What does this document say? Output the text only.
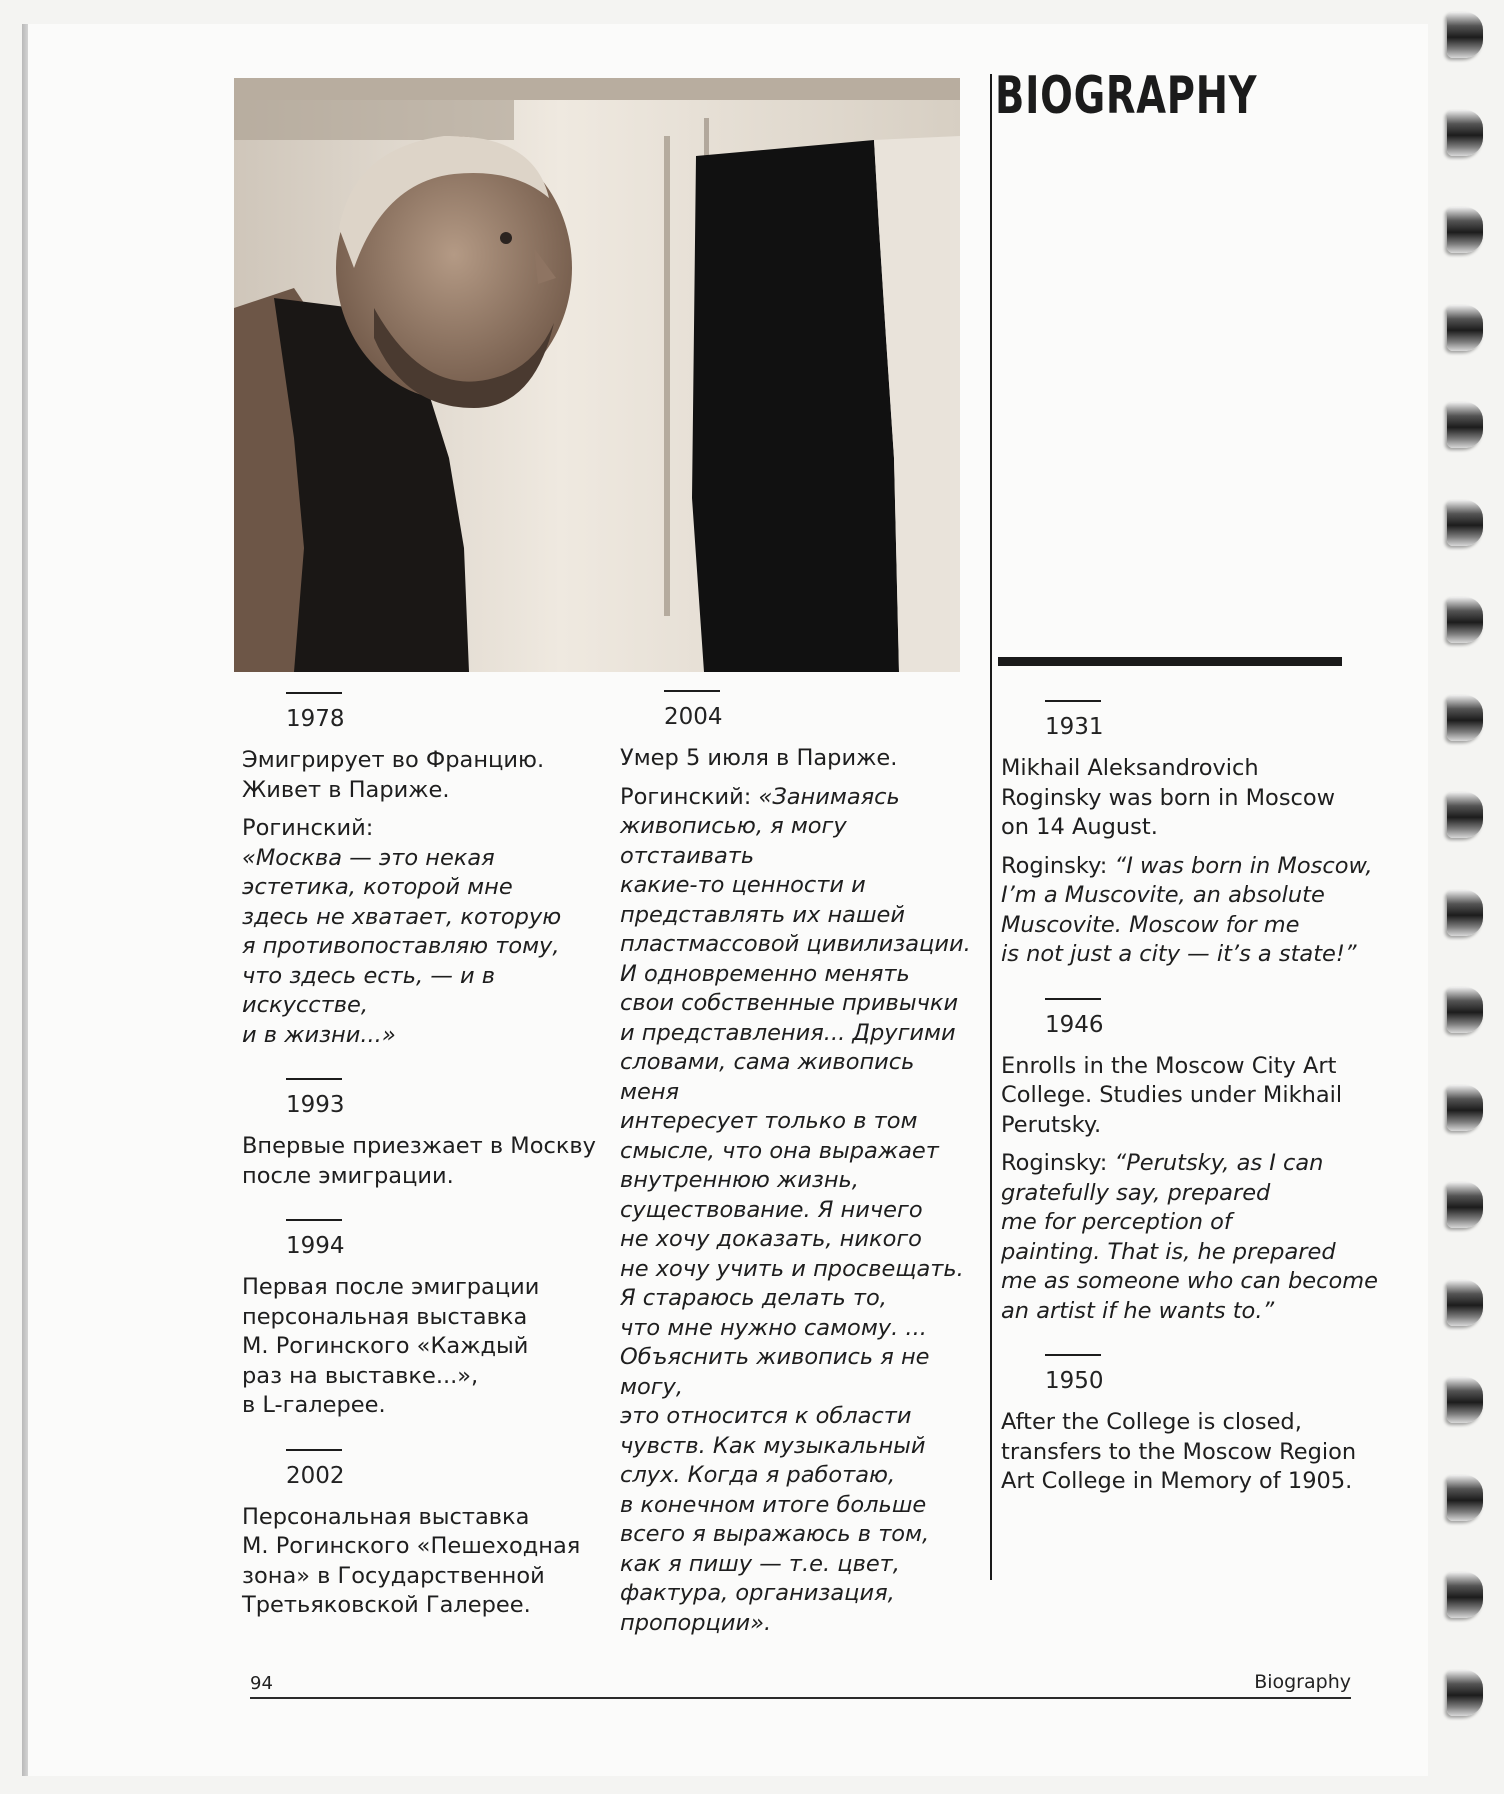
BIOGRAPHY
1978

Эмигрирует во Францию.
Живет в Париже.

Рогинский:
«Москва — это некая
эстетика, которой мне
здесь не хватает, которую
я противопоставляю тому,
что здесь есть, — и в искусстве,
и в жизни...»

1993

Впервые приезжает в Москву
после эмиграции.

1994

Первая после эмиграции
персональная выставка
М. Рогинского «Каждый
раз на выставке...»,
в L-галерее.

2002

Персональная выставка
М. Рогинского «Пешеходная
зона» в Государственной
Третьяковской Галерее.

2004

Умер 5 июля в Париже.

Рогинский: «Занимаясь
живописью, я могу отстаивать
какие-то ценности и
представлять их нашей
пластмассовой цивилизации.
И одновременно менять
свои собственные привычки
и представления... Другими
словами, сама живопись меня
интересует только в том
смысле, что она выражает
внутреннюю жизнь,
существование. Я ничего
не хочу доказать, никого
не хочу учить и просвещать.
Я стараюсь делать то,
что мне нужно самому. ...
Объяснить живопись я не могу,
это относится к области
чувств. Как музыкальный
слух. Когда я работаю,
в конечном итоге больше
всего я выражаюсь в том,
как я пишу — т.е. цвет,
фактура, организация,
пропорции».

1931

Mikhail Aleksandrovich
Roginsky was born in Moscow
on 14 August.

Roginsky: “I was born in Moscow,
I’m a Muscovite, an absolute
Muscovite. Moscow for me
is not just a city — it’s a state!”

1946

Enrolls in the Moscow City Art
College. Studies under Mikhail
Perutsky.

Roginsky: “Perutsky, as I can
gratefully say, prepared
me for perception of
painting. That is, he prepared
me as someone who can become
an artist if he wants to.”

1950

After the College is closed,
transfers to the Moscow Region
Art College in Memory of 1905.

94	Biography
